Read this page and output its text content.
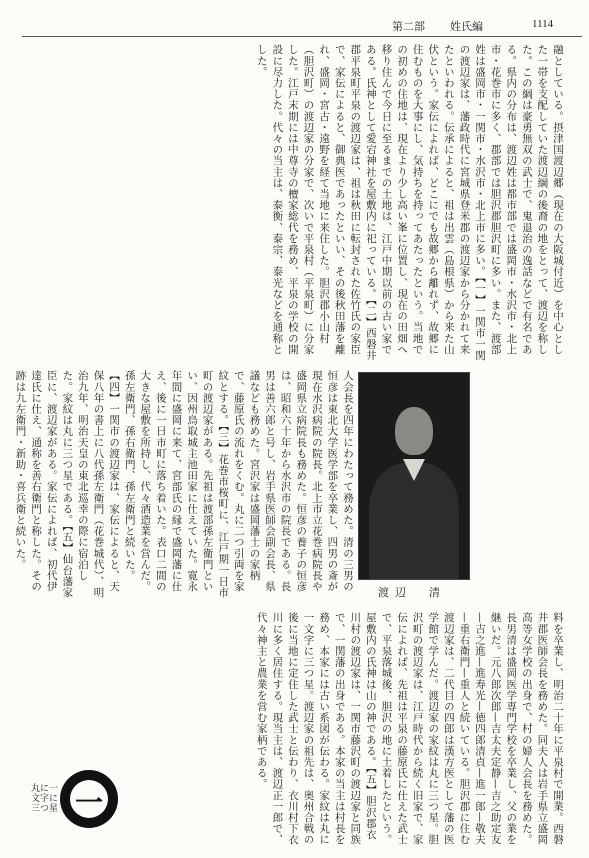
第二部 姓氏編	1114

融としている。摂津国渡辺郷（現在の大阪城付近）を中心とした一帯を支配していた渡辺綱の後裔の地をとって、渡辺を称した。この綱は豪勇無双の武士で、鬼退治の逸話などで有名である。県内の分布は、渡辺姓は都市部では盛岡市・水沢市・北上市・花巻市に多く、郡部では胆沢郡胆沢町に多い。また、渡部姓は盛岡市・一関市・水沢市・北上市に多い。【一】一関市一関の渡辺家は、藩政時代に宮城県登米郡の渡辺家から分かれて来たといわれる。伝承によると、祖は出雲（島根県）から来た山伏という。家伝によれば、どこにでも故郷から離れず、故郷に住むものを大事にし、気持ちを持ってあたったという。当地での初めの住地は、現在より少し高い峯に位置し、現在の田畑へ移り住んで今日に至るまでの土地は、江戸中期以前の古い家である。氏神として愛宕神社を屋敷内に祀っている。【二】西磐井郡平泉町平泉の渡辺家は、祖は秋田に転封された佐竹氏の家臣で、家伝によると、御典医であったといい、その後秋田藩を離れ、盛岡・宮古・遠野を経て当地に来住した。胆沢郡小山村（胆沢町）の渡辺家の分家で、次いで平泉村（平泉町）に分家した。江戸末期には中尊寺の檀家総代を務め、平泉の学校の開設に尽力した。代々の当主は、泰衡、泰宗、泰光などを通称とした。

人会長を四年にわたって務めた。清の三男の恒彦は東北大学医学部を卒業し、四男の斎が現在水沢病院の院長。北上市立花巻病院長や盛岡県立病院長も務めた。恒彦の養子の恒彦は、昭和六十年から水沢市の院長である。長男は善六郎と号し、岩手県医師会副会長、県議なども務めた。宮沢家は盛岡藩士の家柄で、藤原氏の流れをくむ。丸に二つ引両を家紋とする。【三】花巻市桜町に、江戸期一日市町の渡辺家がある。先祖は渡部孫左衛門といい、因州鳥取城主池田家に仕えていた。寛永年間に盛岡に来て、宮部氏の縁で盛岡藩に仕え、後に一日市町に落ち着いた。表口二間の大きな屋敷を所持し、代々酒造業を営んだ。孫左衛門、孫右衛門、孫左衛門と続いた。【四】一関市の渡辺家は、家伝によると、天保八年の書上に八代孫左衛門（花巻城代）、明治九年、明治天皇の東北巡幸の際に宿泊した。家紋は丸に三つ星である。【五】仙台藩家臣に、渡辺家がある。家伝によれば、初代伊達氏に仕え、通称を善右衛門と称した。その跡は九左衛門・新助・喜兵衛と続いた。

渡辺　清

料を卒業し、明治二十年に平泉村で開業。西磐井郡医師会長を務めた。同夫人は岩手県立盛岡高等女学校の出身で、村の婦人会長を務めた。長男清は盛岡医学専門学校を卒業し、父の業を継いだ。元八郎次郎—吉太夫定静—吉之助定友—吉之進—進寿光—徳四郎清貞—進一郎—敬夫—重右衛門—重人と続いている。胆沢郡に住む渡辺家は、二代目の四郎は漢方医として藩の医学館で学んだ。渡辺家の家紋は丸に三つ星。胆沢町の渡辺家は、江戸時代から続く旧家で、家伝によれば、先祖は平泉の藤原氏に仕えた武士で、平泉落城後、胆沢の地に土着したという。屋敷内の氏神は山の神である。【五】胆沢郡衣川村の渡辺家は、一関市藤沢町の渡辺家と同族で、一関藩の出身である。本家の当主は村長を務め、本家には古い系図が伝わる。家紋は丸に一文字に三つ星。渡辺家の祖先は、奥州合戦の後に当地に定住した武士と伝わり、衣川村下衣川に多く居住する。現当主は、渡辺正一郎で、代々神主と農業を営む家柄である。

一
丸に一文字に三つ星
